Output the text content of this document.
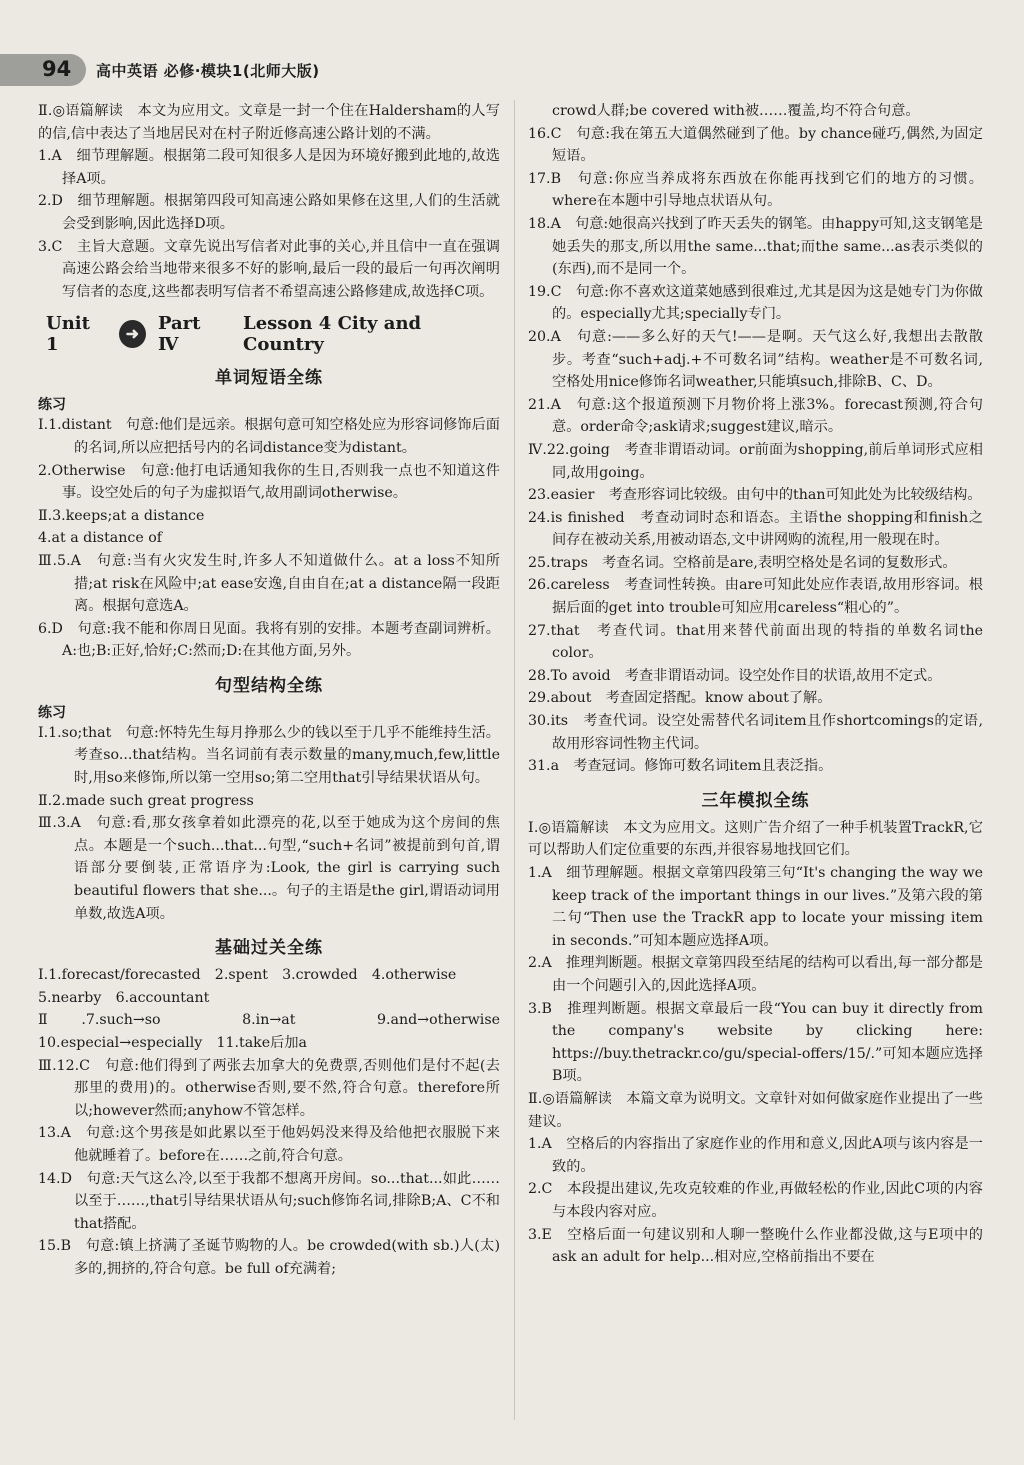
94 高中英语 必修·模块1(北师大版)

Ⅱ.◎语篇解读　本文为应用文。文章是一封一个住在Haldersham的人写的信,信中表达了当地居民对在村子附近修高速公路计划的不满。

1.A　细节理解题。根据第二段可知很多人是因为环境好搬到此地的,故选择A项。

2.D　细节理解题。根据第四段可知高速公路如果修在这里,人们的生活就会受到影响,因此选择D项。

3.C　主旨大意题。文章先说出写信者对此事的关心,并且信中一直在强调高速公路会给当地带来很多不好的影响,最后一段的最后一句再次阐明写信者的态度,这些都表明写信者不希望高速公路修建成,故选择C项。

Unit 1
➜	Part Ⅳ
Lesson 4 City and Country
单词短语全练
练习

Ⅰ.1.distant　句意:他们是远亲。根据句意可知空格处应为形容词修饰后面的名词,所以应把括号内的名词distance变为distant。

2.Otherwise　句意:他打电话通知我你的生日,否则我一点也不知道这件事。设空处后的句子为虚拟语气,故用副词otherwise。

Ⅱ.3.keeps;at a distance

4.at a distance of

Ⅲ.5.A　句意:当有火灾发生时,许多人不知道做什么。at a loss不知所措;at risk在风险中;at ease安逸,自由自在;at a distance隔一段距离。根据句意选A。

6.D　句意:我不能和你周日见面。我将有别的安排。本题考查副词辨析。A:也;B:正好,恰好;C:然而;D:在其他方面,另外。

句型结构全练
练习

Ⅰ.1.so;that　句意:怀特先生每月挣那么少的钱以至于几乎不能维持生活。考查so...that结构。当名词前有表示数量的many,much,few,little时,用so来修饰,所以第一空用so;第二空用that引导结果状语从句。

Ⅱ.2.made such great progress

Ⅲ.3.A　句意:看,那女孩拿着如此漂亮的花,以至于她成为这个房间的焦点。本题是一个such...that...句型,“such+名词”被提前到句首,谓语部分要倒装,正常语序为:Look, the girl is carrying such beautiful flowers that she...。句子的主语是the girl,谓语动词用单数,故选A项。

基础过关全练

Ⅰ.1.forecast/forecasted　2.spent　3.crowded　4.otherwise

5.nearby　6.accountant

Ⅱ.7.such→so　8.in→at　9.and→otherwise　10.especial→especially　11.take后加a

Ⅲ.12.C　句意:他们得到了两张去加拿大的免费票,否则他们是付不起(去那里的费用)的。otherwise否则,要不然,符合句意。therefore所以;however然而;anyhow不管怎样。

13.A　句意:这个男孩是如此累以至于他妈妈没来得及给他把衣服脱下来他就睡着了。before在……之前,符合句意。

14.D　句意:天气这么冷,以至于我都不想离开房间。so...that...如此……以至于……,that引导结果状语从句;such修饰名词,排除B;A、C不和that搭配。

15.B　句意:镇上挤满了圣诞节购物的人。be crowded(with sb.)人(太)多的,拥挤的,符合句意。be full of充满着;

crowd人群;be covered with被……覆盖,均不符合句意。

16.C　句意:我在第五大道偶然碰到了他。by chance碰巧,偶然,为固定短语。

17.B　句意:你应当养成将东西放在你能再找到它们的地方的习惯。where在本题中引导地点状语从句。

18.A　句意:她很高兴找到了昨天丢失的钢笔。由happy可知,这支钢笔是她丢失的那支,所以用the same...that;而the same...as表示类似的(东西),而不是同一个。

19.C　句意:你不喜欢这道菜她感到很难过,尤其是因为这是她专门为你做的。especially尤其;specially专门。

20.A　句意:——多么好的天气!——是啊。天气这么好,我想出去散散步。考查“such+adj.+不可数名词”结构。weather是不可数名词,空格处用nice修饰名词weather,只能填such,排除B、C、D。

21.A　句意:这个报道预测下月物价将上涨3%。forecast预测,符合句意。order命令;ask请求;suggest建议,暗示。

Ⅳ.22.going　考查非谓语动词。or前面为shopping,前后单词形式应相同,故用going。

23.easier　考查形容词比较级。由句中的than可知此处为比较级结构。

24.is finished　考查动词时态和语态。主语the shopping和finish之间存在被动关系,用被动语态,文中讲网购的流程,用一般现在时。

25.traps　考查名词。空格前是are,表明空格处是名词的复数形式。

26.careless　考查词性转换。由are可知此处应作表语,故用形容词。根据后面的get into trouble可知应用careless“粗心的”。

27.that　考查代词。that用来替代前面出现的特指的单数名词the color。

28.To avoid　考查非谓语动词。设空处作目的状语,故用不定式。

29.about　考查固定搭配。know about了解。

30.its　考查代词。设空处需替代名词item且作shortcomings的定语,故用形容词性物主代词。

31.a　考查冠词。修饰可数名词item且表泛指。

三年模拟全练

Ⅰ.◎语篇解读　本文为应用文。这则广告介绍了一种手机装置TrackR,它可以帮助人们定位重要的东西,并很容易地找回它们。

1.A　细节理解题。根据文章第四段第三句“It's changing the way we keep track of the important things in our lives.”及第六段的第二句“Then use the TrackR app to locate your missing item in seconds.”可知本题应选择A项。

2.A　推理判断题。根据文章第四段至结尾的结构可以看出,每一部分都是由一个问题引入的,因此选择A项。

3.B　推理判断题。根据文章最后一段“You can buy it directly from the company's website by clicking here: https://buy.thetrackr.co/gu/special-offers/15/.”可知本题应选择B项。

Ⅱ.◎语篇解读　本篇文章为说明文。文章针对如何做家庭作业提出了一些建议。

1.A　空格后的内容指出了家庭作业的作用和意义,因此A项与该内容是一致的。

2.C　本段提出建议,先攻克较难的作业,再做轻松的作业,因此C项的内容与本段内容对应。

3.E　空格后面一句建议别和人聊一整晚什么作业都没做,这与E项中的ask an adult for help...相对应,空格前指出不要在
